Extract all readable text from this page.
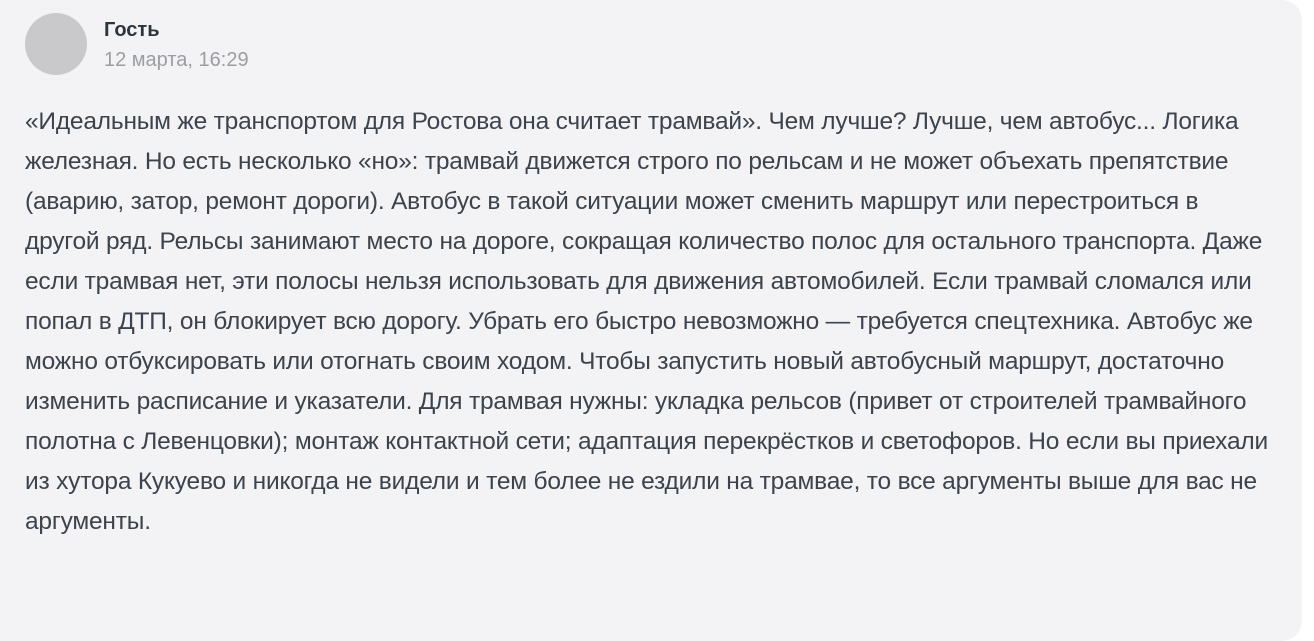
Гость
12 марта, 16:29
«Идеальным же транспортом для Ростова она считает трамвай». Чем лучше? Лучше, чем автобус... Логика железная. Но есть несколько «но»: трамвай движется строго по рельсам и не может объехать препятствие (аварию, затор, ремонт дороги). Автобус в такой ситуации может сменить маршрут или перестроиться в другой ряд. Рельсы занимают место на дороге, сокращая количество полос для остального транспорта. Даже если трамвая нет, эти полосы нельзя использовать для движения автомобилей. Если трамвай сломался или попал в ДТП, он блокирует всю дорогу. Убрать его быстро невозможно — требуется спецтехника. Автобус же можно отбуксировать или отогнать своим ходом. Чтобы запустить новый автобусный маршрут, достаточно изменить расписание и указатели. Для трамвая нужны: укладка рельсов (привет от строителей трамвайного полотна с Левенцовки); монтаж контактной сети; адаптация перекрёстков и светофоров. Но если вы приехали из хутора Кукуево и никогда не видели и тем более не ездили на трамвае, то все аргументы выше для вас не аргументы.
